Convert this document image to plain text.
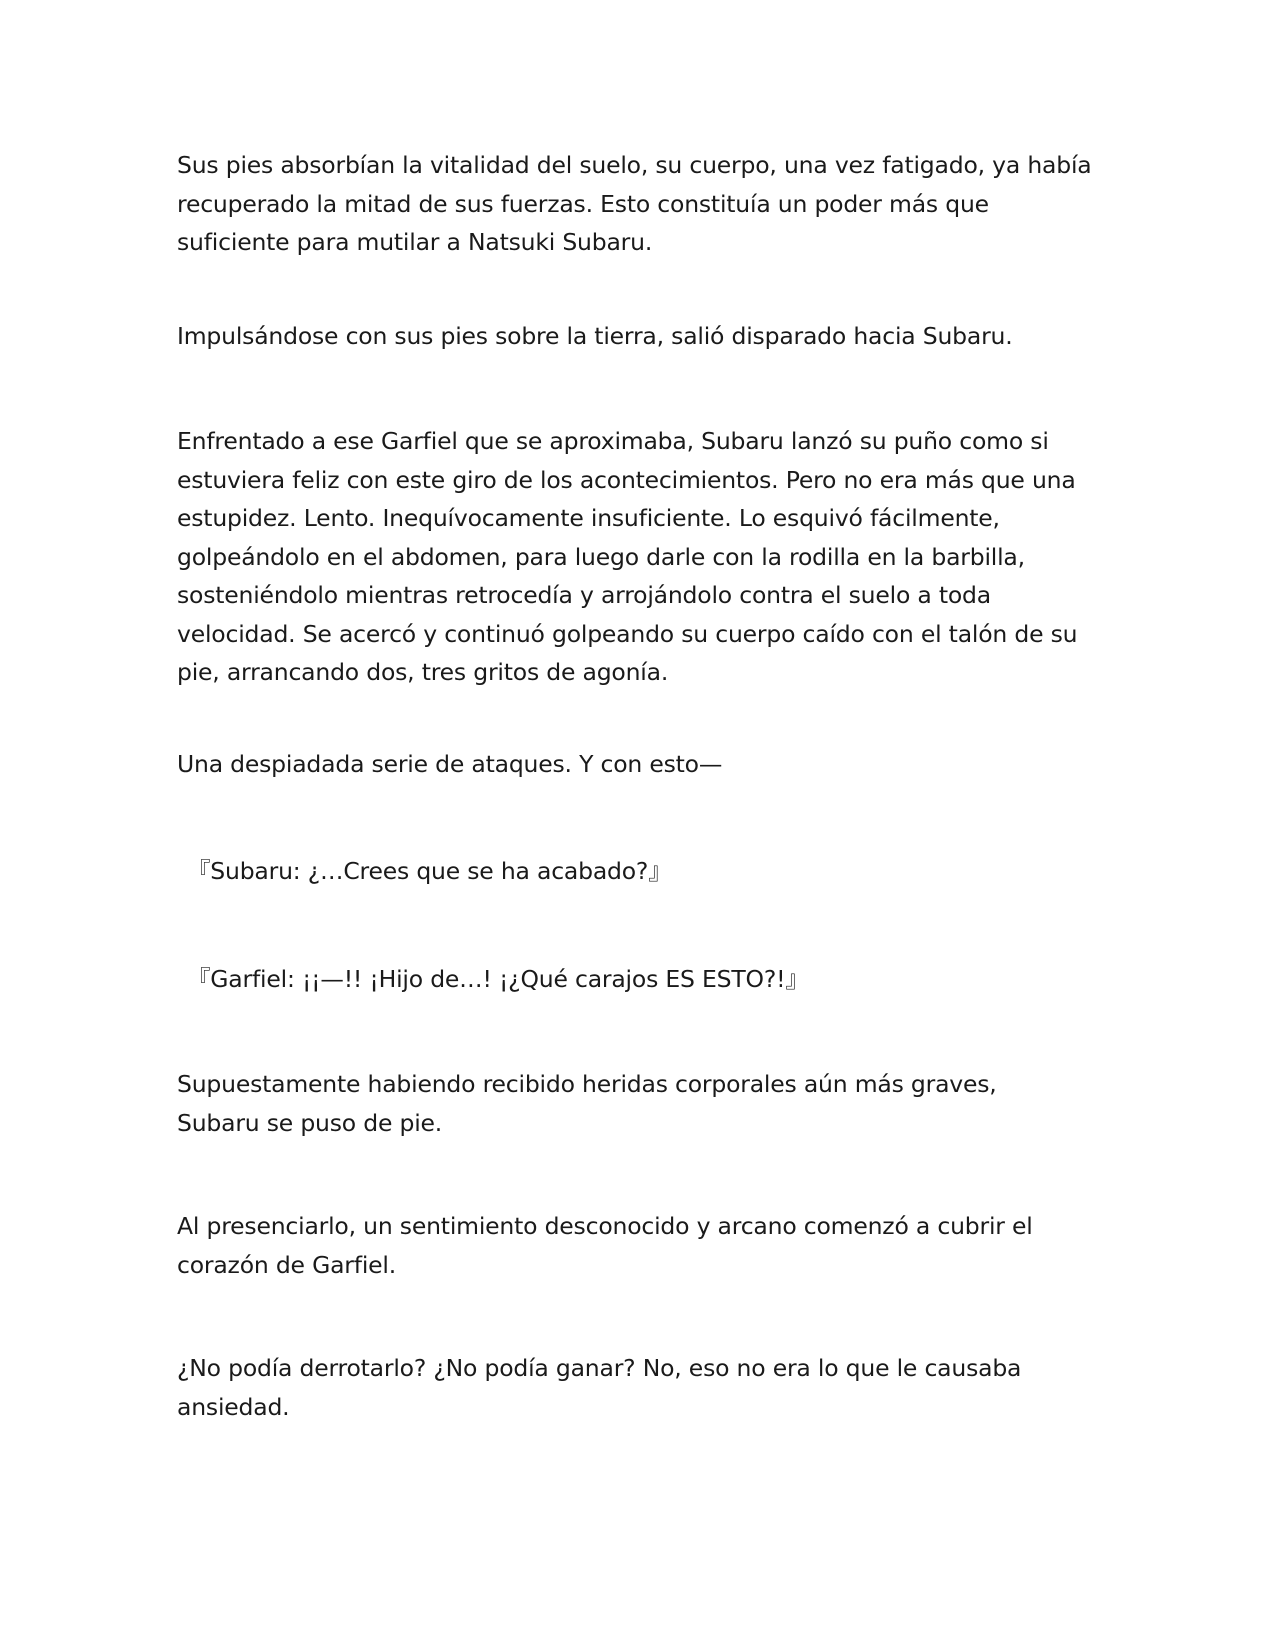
Sus pies absorbían la vitalidad del suelo, su cuerpo, una vez fatigado, ya había
recuperado la mitad de sus fuerzas. Esto constituía un poder más que
suficiente para mutilar a Natsuki Subaru.

Impulsándose con sus pies sobre la tierra, salió disparado hacia Subaru.

Enfrentado a ese Garfiel que se aproximaba, Subaru lanzó su puño como si
estuviera feliz con este giro de los acontecimientos. Pero no era más que una
estupidez. Lento. Inequívocamente insuficiente. Lo esquivó fácilmente,
golpeándolo en el abdomen, para luego darle con la rodilla en la barbilla,
sosteniéndolo mientras retrocedía y arrojándolo contra el suelo a toda
velocidad. Se acercó y continuó golpeando su cuerpo caído con el talón de su
pie, arrancando dos, tres gritos de agonía.

Una despiadada serie de ataques. Y con esto—

『Subaru: ¿…Crees que se ha acabado?』

『Garfiel: ¡¡—!! ¡Hijo de…! ¡¿Qué carajos ES ESTO?!』

Supuestamente habiendo recibido heridas corporales aún más graves,
Subaru se puso de pie.

Al presenciarlo, un sentimiento desconocido y arcano comenzó a cubrir el
corazón de Garfiel.

¿No podía derrotarlo? ¿No podía ganar? No, eso no era lo que le causaba
ansiedad.
